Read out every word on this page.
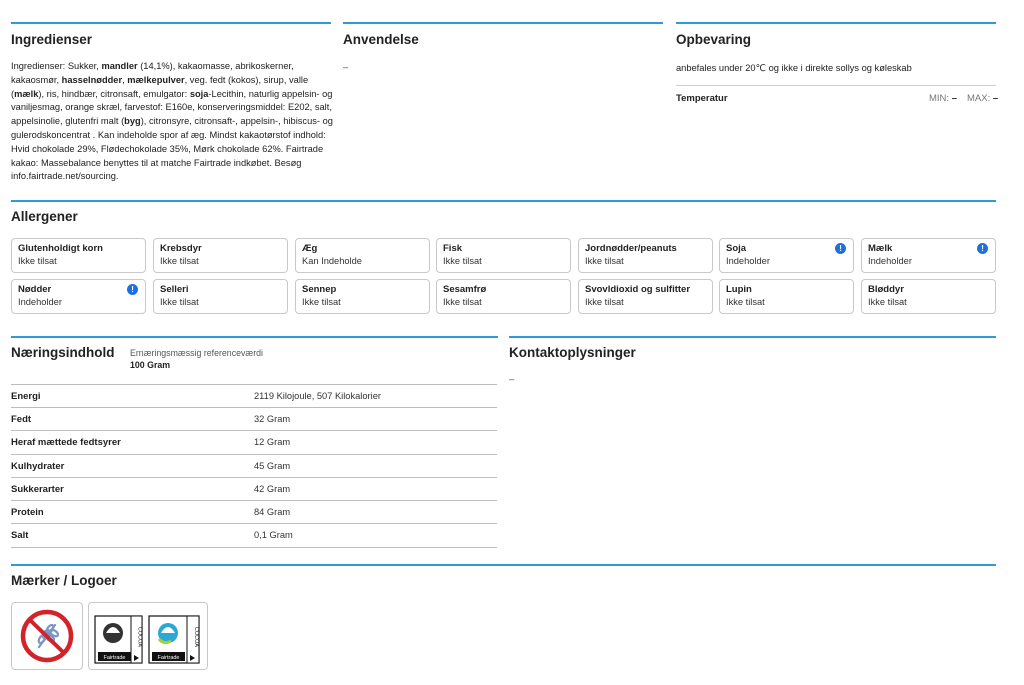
Ingredienser
Ingredienser: Sukker, mandler (14,1%), kakaomasse, abrikoskerner, kakaosmør, hasselnødder, mælkepulver, veg. fedt (kokos), sirup, valle (mælk), ris, hindbær, citronsaft, emulgator: soja-Lecithin, naturlig appelsin- og vaniljesmag, orange skræl, farvestof: E160e, konserveringsmiddel: E202, salt, appelsinolie, glutenfri malt (byg), citronsyre, citronsaft-, appelsin-, hibiscus- og gulerodskoncentrat . Kan indeholde spor af æg. Mindst kakaotørstof indhold: Hvid chokolade 29%, Flødechokolade 35%, Mørk chokolade 62%. Fairtrade kakao: Massebalance benyttes til at matche Fairtrade indkøbet. Besøg info.fairtrade.net/sourcing.
Anvendelse
–
Opbevaring
anbefales under 20℃ og ikke i direkte sollys og køleskab
Temperatur	MIN: – MAX: –
Allergener
Glutenholdigt korn
Ikke tilsat
Krebsdyr
Ikke tilsat
Æg
Kan Indeholde
Fisk
Ikke tilsat
Jordnødder/peanuts
Ikke tilsat
Soja
Indeholder
!	Mælk
Indeholder
!
Nødder
Indeholder
!	Selleri
Ikke tilsat
Sennep
Ikke tilsat
Sesamfrø
Ikke tilsat
Svovldioxid og sulfitter
Ikke tilsat
Lupin
Ikke tilsat
Bløddyr
Ikke tilsat
Næringsindhold Ernæringsmæssig referenceværdi
100 Gram
Energi	2119 Kilojoule, 507 Kilokalorier
Fedt	32 Gram
Heraf mættede fedtsyrer	12 Gram
Kulhydrater	45 Gram
Sukkerarter	42 Gram
Protein	84 Gram
Salt	0,1 Gram
Kontaktoplysninger
–
Mærker / Logoer
Fairtrade
COCOA
Fairtrade
COCOA
